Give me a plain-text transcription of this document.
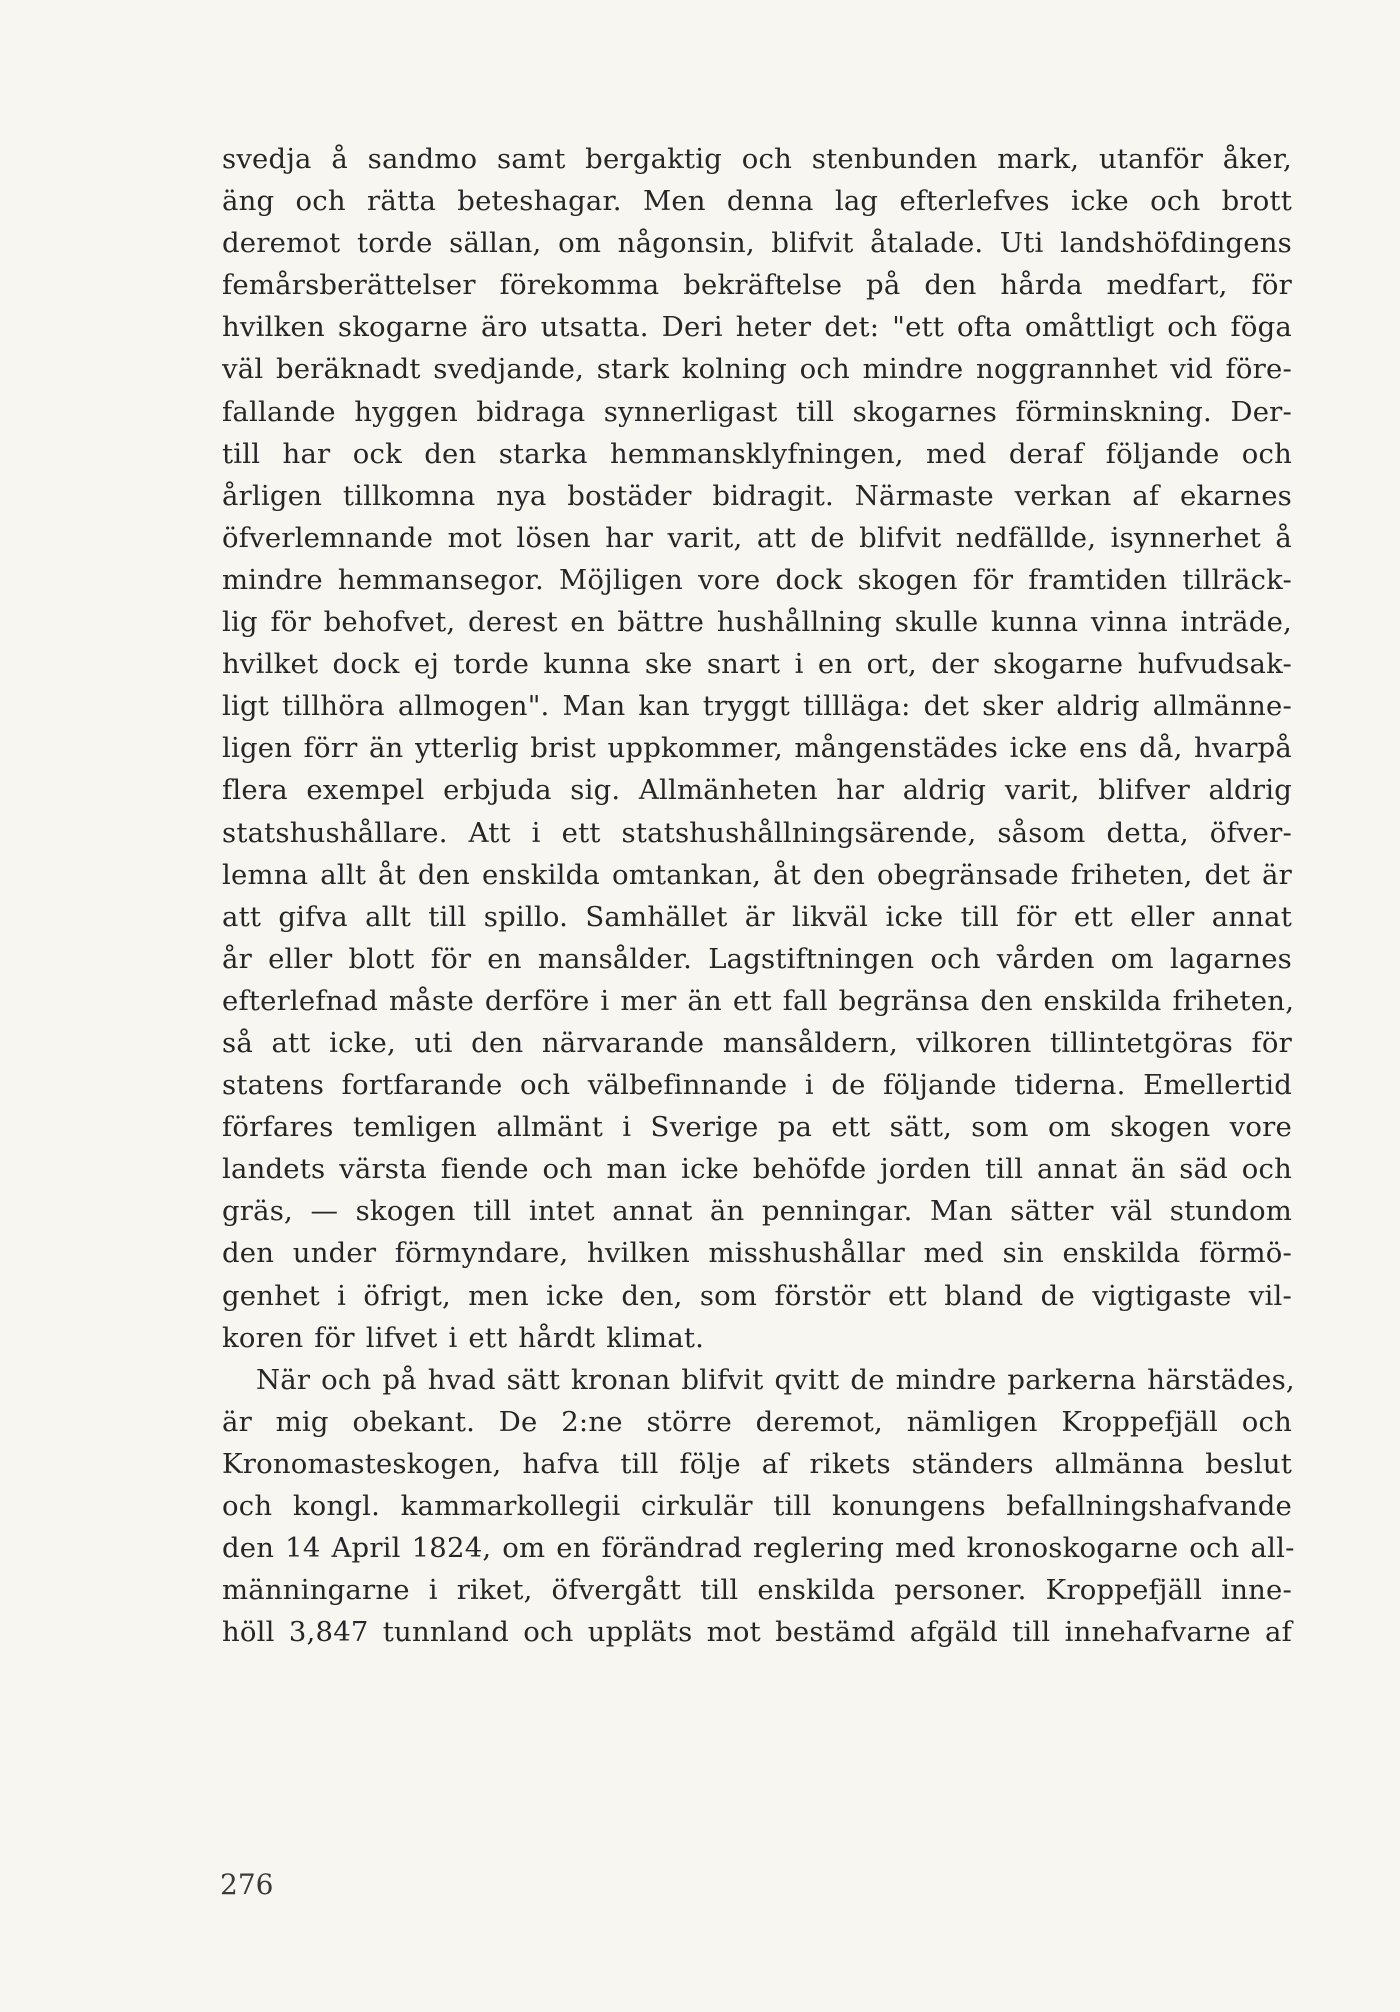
svedja å sandmo samt bergaktig och stenbunden mark, utanför åker,
äng och rätta beteshagar. Men denna lag efterlefves icke och brott
deremot torde sällan, om någonsin, blifvit åtalade. Uti landshöfdingens
femårsberättelser förekomma bekräftelse på den hårda medfart, för
hvilken skogarne äro utsatta. Deri heter det: "ett ofta omåttligt och föga
väl beräknadt svedjande, stark kolning och mindre noggrannhet vid före-
fallande hyggen bidraga synnerligast till skogarnes förminskning. Der-
till har ock den starka hemmansklyfningen, med deraf följande och
årligen tillkomna nya bostäder bidragit. Närmaste verkan af ekarnes
öfverlemnande mot lösen har varit, att de blifvit nedfällde, isynnerhet å
mindre hemmansegor. Möjligen vore dock skogen för framtiden tillräck-
lig för behofvet, derest en bättre hushållning skulle kunna vinna inträde,
hvilket dock ej torde kunna ske snart i en ort, der skogarne hufvudsak-
ligt tillhöra allmogen". Man kan tryggt tillläga: det sker aldrig allmänne-
ligen förr än ytterlig brist uppkommer, mångenstädes icke ens då, hvarpå
flera exempel erbjuda sig. Allmänheten har aldrig varit, blifver aldrig
statshushållare. Att i ett statshushållningsärende, såsom detta, öfver-
lemna allt åt den enskilda omtankan, åt den obegränsade friheten, det är
att gifva allt till spillo. Samhället är likväl icke till för ett eller annat
år eller blott för en mansålder. Lagstiftningen och vården om lagarnes
efterlefnad måste derföre i mer än ett fall begränsa den enskilda friheten,
så att icke, uti den närvarande mansåldern, vilkoren tillintetgöras för
statens fortfarande och välbefinnande i de följande tiderna. Emellertid
förfares temligen allmänt i Sverige pa ett sätt, som om skogen vore
landets värsta fiende och man icke behöfde jorden till annat än säd och
gräs, — skogen till intet annat än penningar. Man sätter väl stundom
den under förmyndare, hvilken misshushållar med sin enskilda förmö-
genhet i öfrigt, men icke den, som förstör ett bland de vigtigaste vil-
koren för lifvet i ett hårdt klimat.
När och på hvad sätt kronan blifvit qvitt de mindre parkerna härstädes,
är mig obekant. De 2:ne större deremot, nämligen Kroppefjäll och
Kronomasteskogen, hafva till följe af rikets ständers allmänna beslut
och kongl. kammarkollegii cirkulär till konungens befallningshafvande
den 14 April 1824, om en förändrad reglering med kronoskogarne och all-
männingarne i riket, öfvergått till enskilda personer. Kroppefjäll inne-
höll 3,847 tunnland och uppläts mot bestämd afgäld till innehafvarne af
276
